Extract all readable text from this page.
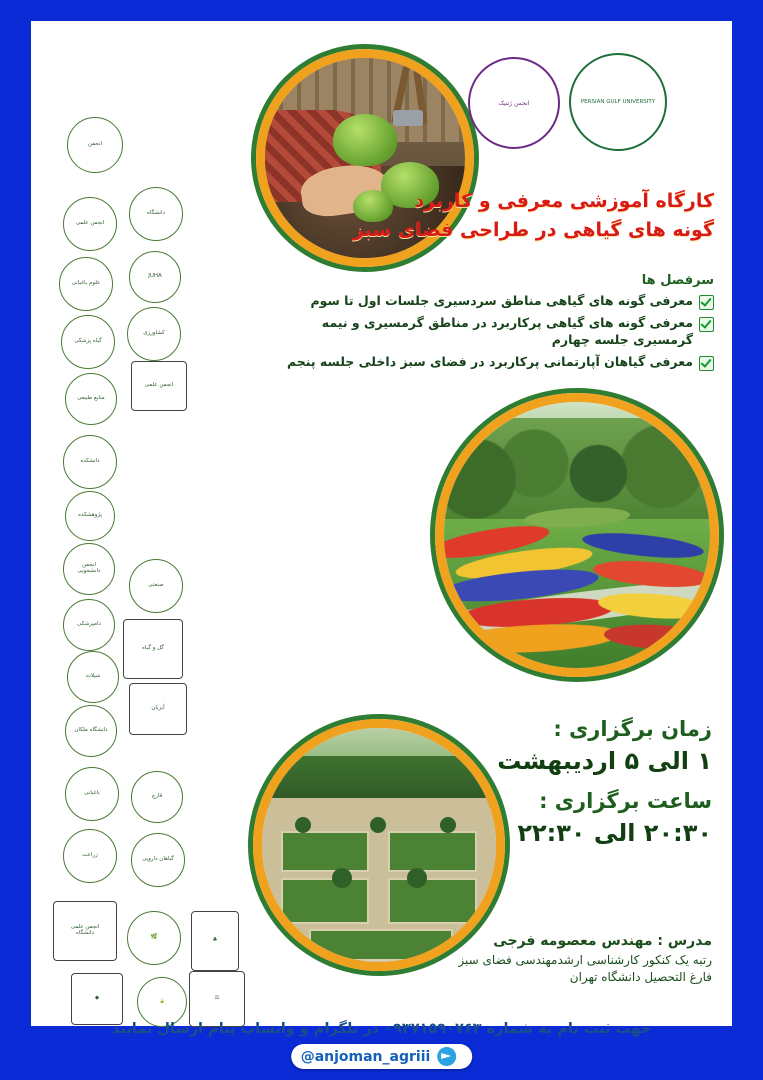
انجمن ژنتیک	PERSIAN GULF UNIVERSITY
کارگاه آموزشی معرفی و کاربرد
گونه های گیاهی در طراحی فضای سبز
سرفصل ها
معرفی گونه های گیاهی مناطق سردسیری جلسات اول تا سوم
معرفی گونه های گیاهی پرکاربرد در مناطق گرمسیری و نیمه گرمسیری جلسه چهارم
معرفی گیاهان آپارتمانی پرکاربرد در فضای سبز داخلی جلسه پنجم
زمان برگزاری :
۱ الی ۵ اردیبهشت
ساعت برگزاری :
۲۰:۳۰ الی ۲۲:۳۰
مدرس : مهندس معصومه فرجی
رتبه یک کنکور کارشناسی ارشدمهندسی فضای سبز
فارغ التحصیل دانشگاه تهران
جهت ثبت نام به شماره ۰۹۳۷۱۵۹۰۷۶۳ در تلگرام و واتساپ پیام ارسال نمایید
انجمن
انجمن علمی
دانشگاه
علوم باغبانی
JUHA
گیاه پزشکی
کشاورزی
منابع طبیعی
انجمن علمی
دانشکده
پژوهشکده
انجمن دانشجویی
صنعتی
دامپزشکی
گل و گیاه
شیلات
آبزیان
دانشگاه ملکان
باغبانی	قارچ
زراعت
گیاهان دارویی
انجمن علمی دانشگاه
🌿	♣
◆	🍃	⚖
@anjoman_agriii
